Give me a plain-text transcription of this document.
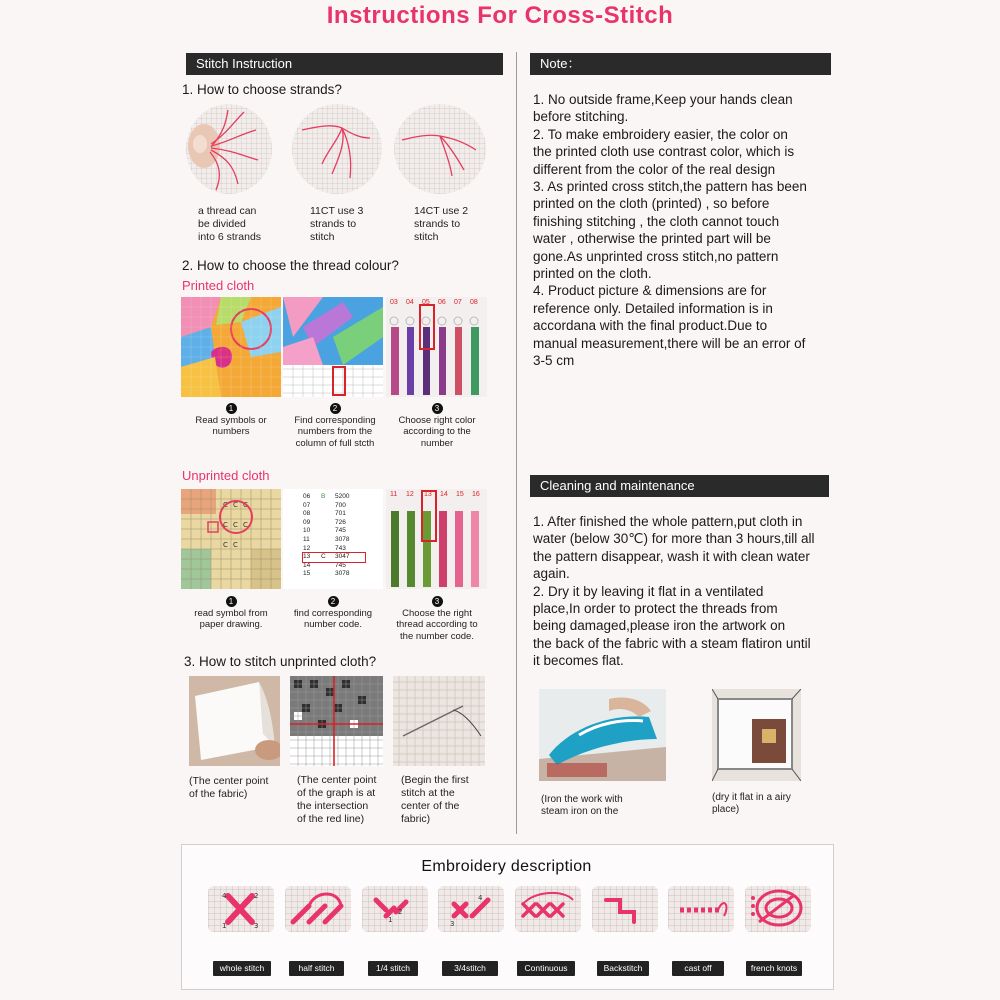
Instructions For Cross-Stitch
Stitch Instruction
1. How to choose strands?
a thread can
be divided
into 6 strands
11CT use 3
strands to
stitch
14CT use 2
strands to
stitch
2. How to choose the thread colour?
Printed cloth
03 04 05 06 07 08
1
Read symbols or
numbers
2
Find corresponding
numbers from the
column of full stcth
3
Choose right color
according to the
number
Unprinted cloth
C C C
C C C
C C
06	B	5200
07	700
08	701
09	726
10	745
11	3078
12	743
13	C	3047
14	745
15	3078
11 12 13 14 15 16
1
read symbol from
paper drawing.
2
find corresponding
number code.
3
Choose the right
thread according to
the number code.
3. How to stitch unprinted cloth?
(The center point
of the fabric)
(The center point
of the graph is at
the intersection
of the red line)
(Begin the first
stitch at the
center of the
fabric)
Note：
1. No outside frame,Keep your hands clean
before stitching.
2. To make embroidery easier, the color on
the printed cloth use contrast color, which is
different from the color of the real design
3. As printed cross stitch,the pattern has been
printed on the cloth (printed) , so before
finishing stitching , the cloth cannot touch
water , otherwise the printed part will be
gone.As unprinted cross stitch,no pattern
printed on the cloth.
4. Product picture & dimensions are for
reference only. Detailed information is in
accordana with the final product.Due to
manual measurement,there will be an error of
3-5 cm
Cleaning and maintenance
1. After finished the whole pattern,put cloth in
water (below 30℃) for more than 3 hours,till all
the pattern disappear, wash it with clean water
again.
2. Dry it by leaving it flat in a ventilated
place,In order to protect the threads from
being damaged,please iron the artwork on
the back of the fabric with a steam flatiron until
it becomes flat.
(Iron the work with
steam iron on the
(dry it flat in a airy
place)
Embroidery description
4	2
1	3
2
1
4
3
whole stitch	half stitch	1/4 stitch	3/4stitch	Continuous	Backstitch	cast off	french knots
